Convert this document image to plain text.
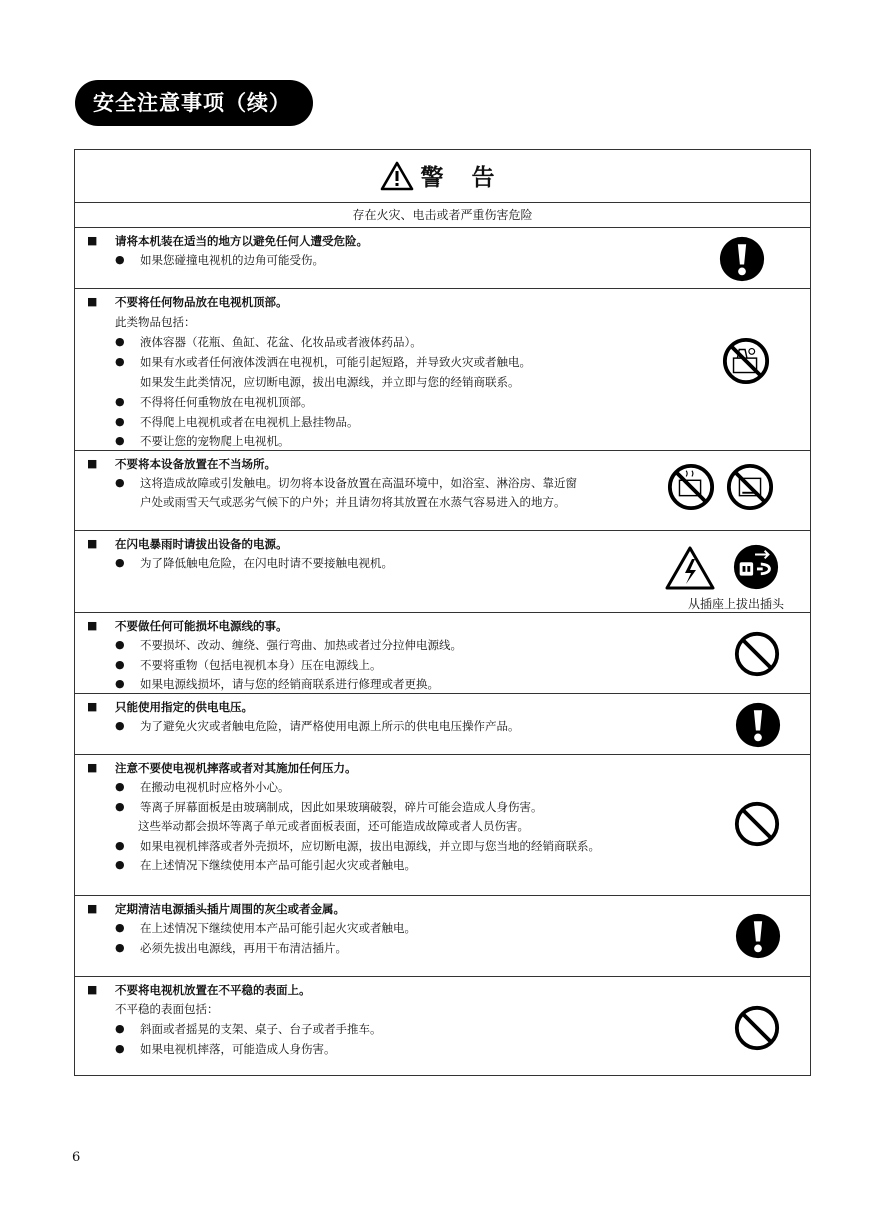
安全注意事项（续）
警 告
存在火灾、电击或者严重伤害危险
■ 请将本机装在适当的地方以避免任何人遭受危险。
● 如果您碰撞电视机的边角可能受伤。
■ 不要将任何物品放在电视机顶部。
此类物品包括：
● 液体容器（花瓶、鱼缸、花盆、化妆品或者液体药品）。
● 如果有水或者任何液体泼洒在电视机，可能引起短路，并导致火灾或者触电。
如果发生此类情况，应切断电源，拔出电源线，并立即与您的经销商联系。
● 不得将任何重物放在电视机顶部。
● 不得爬上电视机或者在电视机上悬挂物品。
● 不要让您的宠物爬上电视机。
■ 不要将本设备放置在不当场所。
● 这将造成故障或引发触电。切勿将本设备放置在高温环境中，如浴室、淋浴房、靠近窗
户处或雨雪天气或恶劣气候下的户外；并且请勿将其放置在水蒸气容易进入的地方。
■ 在闪电暴雨时请拔出设备的电源。
● 为了降低触电危险，在闪电时请不要接触电视机。
从插座上拔出插头
■ 不要做任何可能损坏电源线的事。
● 不要损坏、改动、缠绕、强行弯曲、加热或者过分拉伸电源线。
● 不要将重物（包括电视机本身）压在电源线上。
● 如果电源线损坏，请与您的经销商联系进行修理或者更换。
■ 只能使用指定的供电电压。
● 为了避免火灾或者触电危险，请严格使用电源上所示的供电电压操作产品。
■ 注意不要使电视机摔落或者对其施加任何压力。
● 在搬动电视机时应格外小心。
● 等离子屏幕面板是由玻璃制成，因此如果玻璃破裂，碎片可能会造成人身伤害。
这些举动都会损坏等离子单元或者面板表面，还可能造成故障或者人员伤害。
● 如果电视机摔落或者外壳损坏，应切断电源，拔出电源线，并立即与您当地的经销商联系。
● 在上述情况下继续使用本产品可能引起火灾或者触电。
■ 定期清洁电源插头插片周围的灰尘或者金属。
● 在上述情况下继续使用本产品可能引起火灾或者触电。
● 必须先拔出电源线，再用干布清洁插片。
■ 不要将电视机放置在不平稳的表面上。
不平稳的表面包括：
● 斜面或者摇晃的支架、桌子、台子或者手推车。
● 如果电视机摔落，可能造成人身伤害。
6
